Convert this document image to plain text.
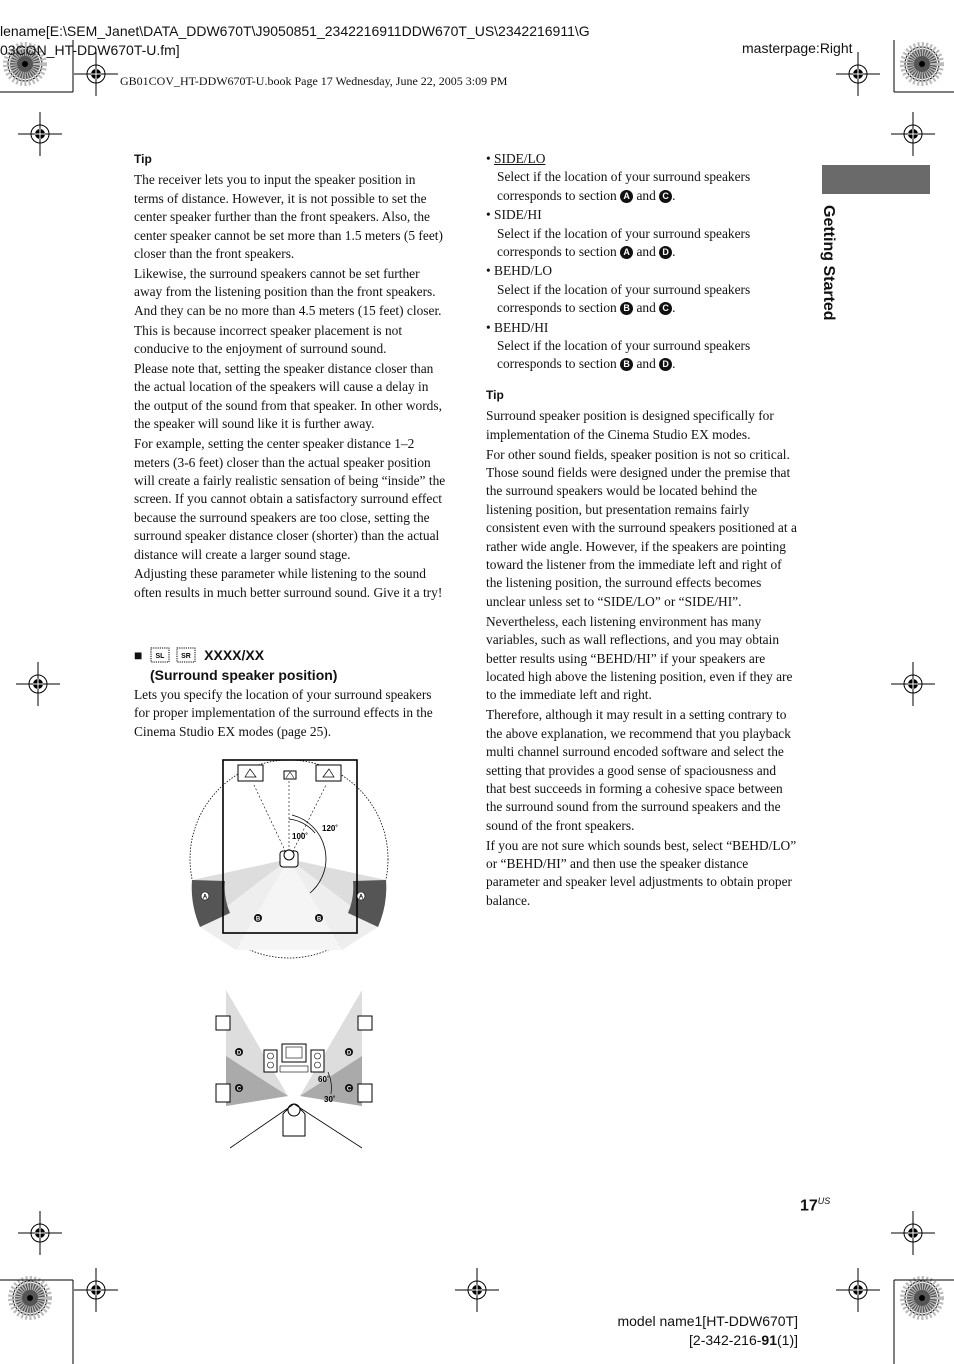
lename[E:\SEM_Janet\DATA_DDW670T\J9050851_2342216911DDW670T_US\2342216911\G
03CON_HT-DDW670T-U.fm]	masterpage:Right
GB01COV_HT-DDW670T-U.book Page 17 Wednesday, June 22, 2005 3:09 PM
Getting Started
Tip

The receiver lets you to input the speaker position in terms of distance. However, it is not possible to set the center speaker further than the front speakers. Also, the center speaker cannot be set more than 1.5 meters (5 feet) closer than the front speakers.

Likewise, the surround speakers cannot be set further away from the listening position than the front speakers. And they can be no more than 4.5 meters (15 feet) closer.

This is because incorrect speaker placement is not conducive to the enjoyment of surround sound.

Please note that, setting the speaker distance closer than the actual location of the speakers will cause a delay in the output of the sound from that speaker. In other words, the speaker will sound like it is further away.

For example, setting the center speaker distance 1–2 meters (3-6 feet) closer than the actual speaker position will create a fairly realistic sensation of being “inside” the screen. If you cannot obtain a satisfactory surround effect because the surround speakers are too close, setting the surround speaker distance closer (shorter) than the actual distance will create a larger sound stage.

Adjusting these parameter while listening to the sound often results in much better surround sound. Give it a try!

■ SL
SR XXXX/XX
(Surround speaker position)
Lets you specify the location of your surround speakers for proper implementation of the surround effects in the Cinema Studio EX modes (page 25).
100˚
120˚
A	A
B	B
60˚
30˚
D	D
C	C
• SIDE/LO
Select if the location of your surround speakers corresponds to section A and C .
• SIDE/HI
Select if the location of your surround speakers corresponds to section A and D .
• BEHD/LO
Select if the location of your surround speakers corresponds to section B and C .
• BEHD/HI
Select if the location of your surround speakers corresponds to section B and D .
Tip

Surround speaker position is designed specifically for implementation of the Cinema Studio EX modes.

For other sound fields, speaker position is not so critical. Those sound fields were designed under the premise that the surround speakers would be located behind the listening position, but presentation remains fairly consistent even with the surround speakers positioned at a rather wide angle. However, if the speakers are pointing toward the listener from the immediate left and right of the listening position, the surround effects becomes unclear unless set to “SIDE/LO” or “SIDE/HI”.

Nevertheless, each listening environment has many variables, such as wall reflections, and you may obtain better results using “BEHD/HI” if your speakers are located high above the listening position, even if they are to the immediate left and right.

Therefore, although it may result in a setting contrary to the above explanation, we recommend that you playback multi channel surround encoded software and select the setting that provides a good sense of spaciousness and that best succeeds in forming a cohesive space between the surround sound from the surround speakers and the sound of the front speakers.

If you are not sure which sounds best, select “BEHD/LO” or “BEHD/HI” and then use the speaker distance parameter and speaker level adjustments to obtain proper balance.

$17^{US}$
model name1[HT-DDW670T]
[2-342-216-91(1)]
